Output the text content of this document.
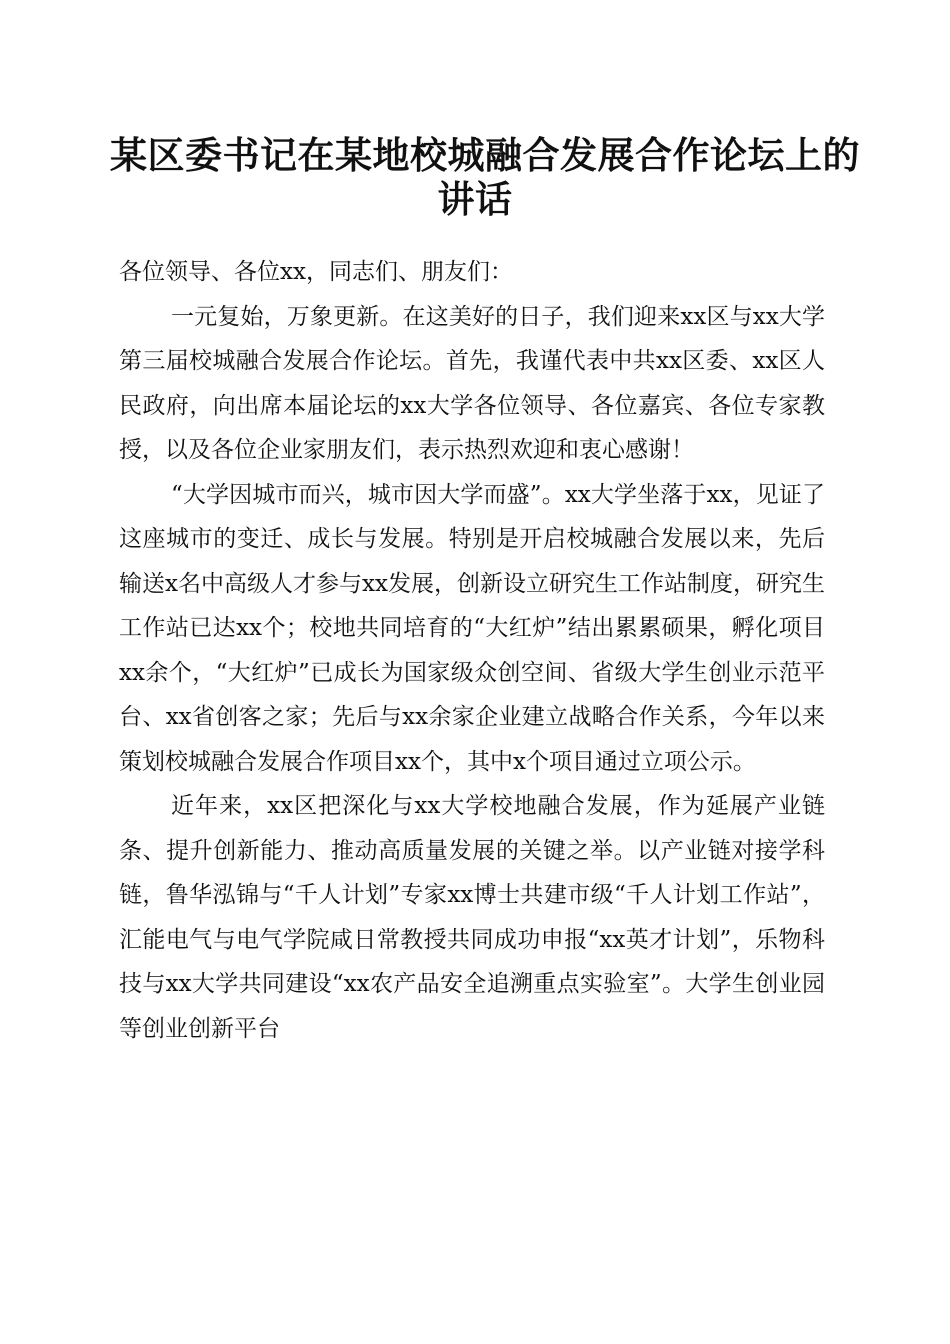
某区委书记在某地校城融合发展合作论坛上的
讲话

各位领导、各位xx，同志们、朋友们：

一元复始，万象更新。在这美好的日子，我们迎来xx区与xx大学第三届校城融合发展合作论坛。首先，我谨代表中共xx区委、xx区人民政府，向出席本届论坛的xx大学各位领导、各位嘉宾、各位专家教授，以及各位企业家朋友们，表示热烈欢迎和衷心感谢！

“大学因城市而兴，城市因大学而盛”。xx大学坐落于xx，见证了这座城市的变迁、成长与发展。特别是开启校城融合发展以来，先后输送x名中高级人才参与xx发展，创新设立研究生工作站制度，研究生工作站已达xx个；校地共同培育的“大红炉”结出累累硕果，孵化项目xx余个，“大红炉”已成长为国家级众创空间、省级大学生创业示范平台、xx省创客之家；先后与xx余家企业建立战略合作关系，今年以来策划校城融合发展合作项目xx个，其中x个项目通过立项公示。

近年来，xx区把深化与xx大学校地融合发展，作为延展产业链条、提升创新能力、推动高质量发展的关键之举。以产业链对接学科链，鲁华泓锦与“千人计划”专家xx博士共建市级“千人计划工作站”，汇能电气与电气学院咸日常教授共同成功申报“xx英才计划”，乐物科技与xx大学共同建设“xx农产品安全追溯重点实验室”。大学生创业园等创业创新平台
